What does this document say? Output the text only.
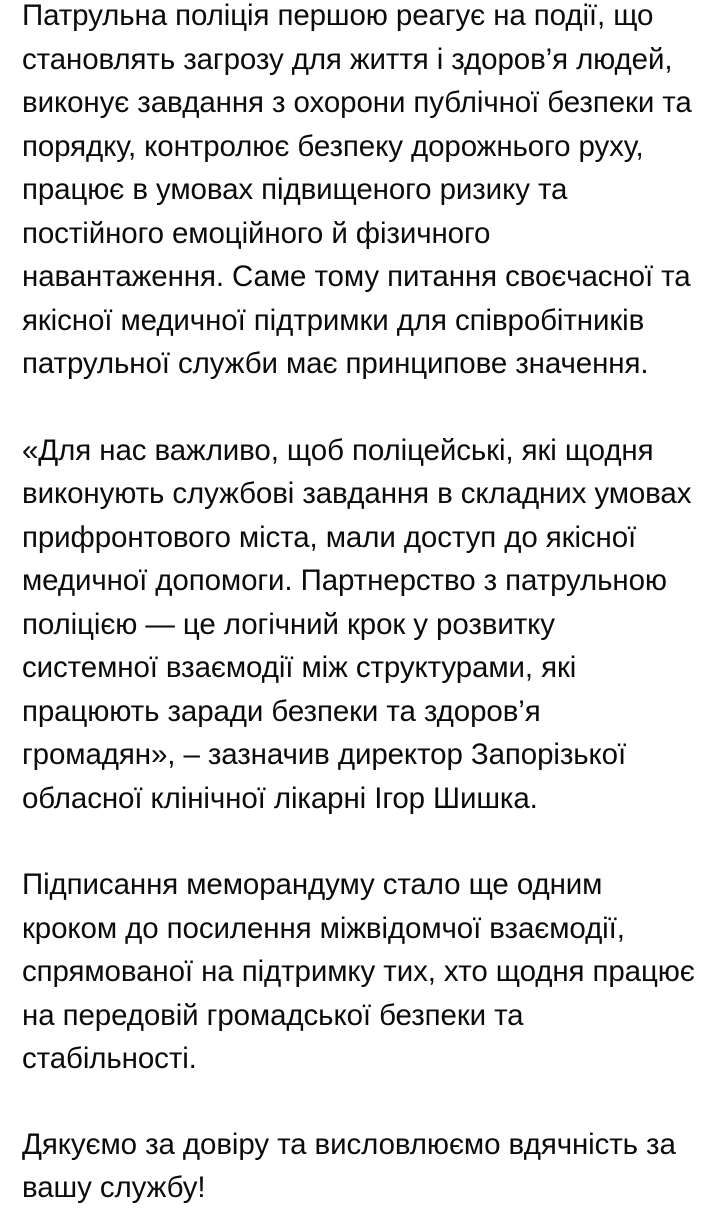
Патрульна поліція першою реагує на події, що становлять загрозу для життя і здоров’я людей, виконує завдання з охорони публічної безпеки та порядку, контролює безпеку дорожнього руху, працює в умовах підвищеного ризику та постійного емоційного й фізичного навантаження. Саме тому питання своєчасної та якісної медичної підтримки для співробітників патрульної служби має принципове значення.

«Для нас важливо, щоб поліцейські, які щодня виконують службові завдання в складних умовах прифронтового міста, мали доступ до якісної медичної допомоги. Партнерство з патрульною поліцією — це логічний крок у розвитку системної взаємодії між структурами, які працюють заради безпеки та здоров’я громадян», – зазначив директор Запорізької обласної клінічної лікарні Ігор Шишка.

Підписання меморандуму стало ще одним кроком до посилення міжвідомчої взаємодії, спрямованої на підтримку тих, хто щодня працює на передовій громадської безпеки та стабільності.

Дякуємо за довіру та висловлюємо вдячність за вашу службу!
